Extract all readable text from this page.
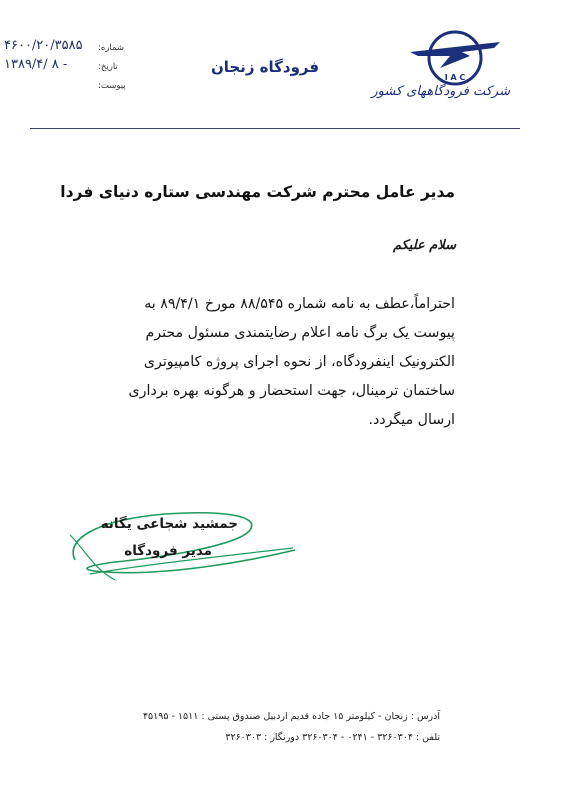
۴۶۰۰/۲۰/۳۵۸۵ شماره:
۱۳۸۹/۴/ ۸ -	تاریخ:
پیوست:
فرودگاه زنجان
I A C
شرکت فرودگاههای کشور
مدیر عامل محترم شرکت مهندسی ستاره دنیای فردا
سلام علیکم
احتراماً،عطف به نامه شماره ۸۸/۵۴۵ مورخ ۸۹/۴/۱ به
پیوست یک برگ نامه اعلام رضایتمندی مسئول محترم
الکترونیک اینفرودگاه، از نحوه اجرای پروژه کامپیوتری
ساختمان ترمینال، جهت استحضار و هرگونه بهره برداری
ارسال میگردد.
جمشید شجاعی یگانه
مدیر فرودگاه
آدرس : زنجان - کیلومتر ۱۵ جاده قدیم اردبیل صندوق پستی : ۱۵۱۱ - ۴۵۱۹۵
تلفن : ۳۲۶۰۳۰۴ - ۰۲۴۱ - ۳۲۶۰۳۰۴ دورنگار : ۳۲۶۰۳۰۳
